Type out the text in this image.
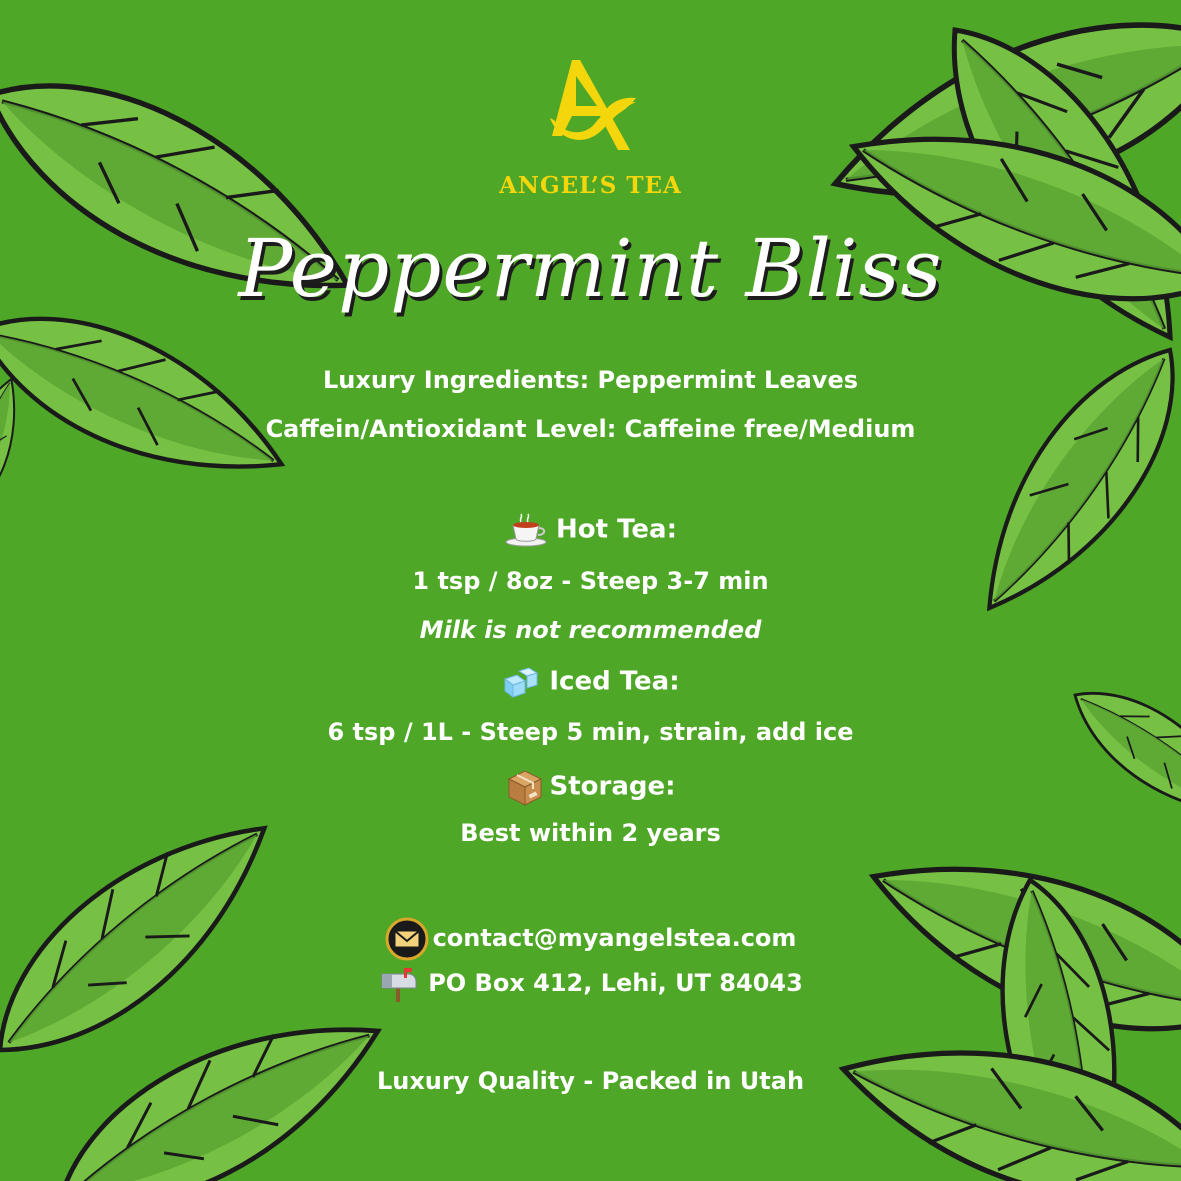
ANGEL’S TEA
Peppermint Bliss
Luxury Ingredients: Peppermint Leaves
Caffein/Antioxidant Level: Caffeine free/Medium
Hot Tea:
1 tsp / 8oz - Steep 3-7 min
Milk is not recommended
Iced Tea:
6 tsp / 1L - Steep 5 min, strain, add ice
Storage:
Best within 2 years
contact@myangelstea.com
PO Box 412, Lehi, UT 84043
Luxury Quality - Packed in Utah
